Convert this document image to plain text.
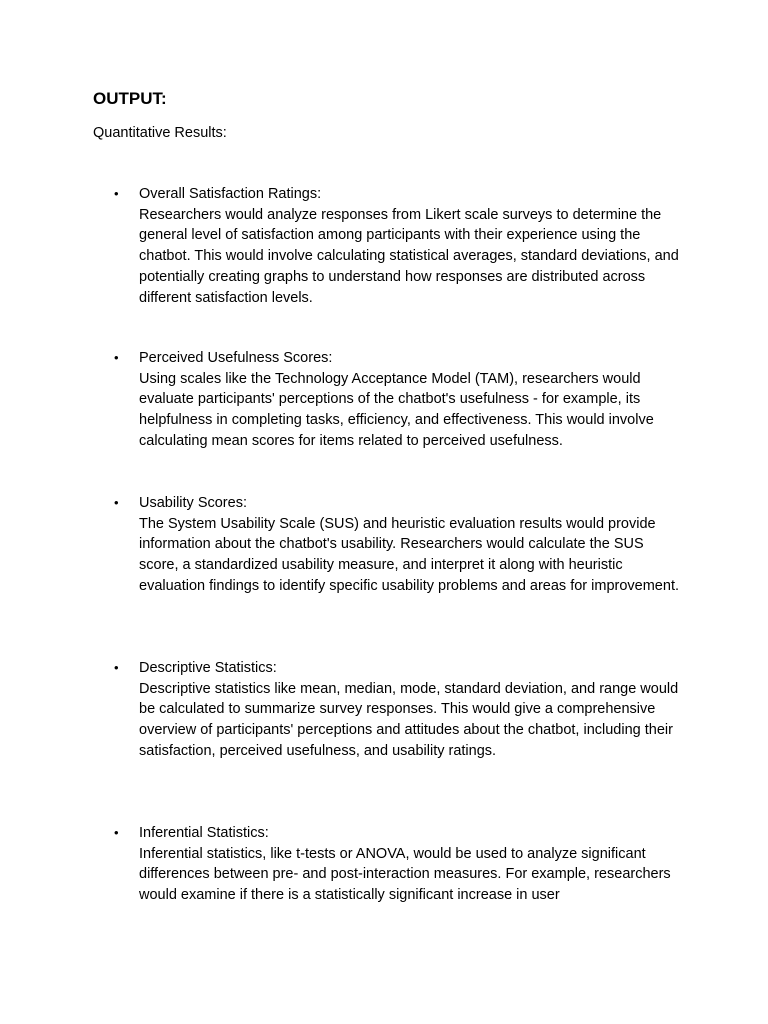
OUTPUT:

Quantitative Results:

•	Overall Satisfaction Ratings:
Researchers would analyze responses from Likert scale surveys to determine the general level of satisfaction among participants with their experience using the chatbot. This would involve calculating statistical averages, standard deviations, and potentially creating graphs to understand how responses are distributed across different satisfaction levels.
•	Perceived Usefulness Scores:
Using scales like the Technology Acceptance Model (TAM), researchers would evaluate participants' perceptions of the chatbot's usefulness - for example, its helpfulness in completing tasks, efficiency, and effectiveness. This would involve calculating mean scores for items related to perceived usefulness.
•	Usability Scores:
The System Usability Scale (SUS) and heuristic evaluation results would provide information about the chatbot's usability. Researchers would calculate the SUS score, a standardized usability measure, and interpret it along with heuristic evaluation findings to identify specific usability problems and areas for improvement.
•	Descriptive Statistics:
Descriptive statistics like mean, median, mode, standard deviation, and range would be calculated to summarize survey responses. This would give a comprehensive overview of participants' perceptions and attitudes about the chatbot, including their satisfaction, perceived usefulness, and usability ratings.
•	Inferential Statistics:
Inferential statistics, like t-tests or ANOVA, would be used to analyze significant differences between pre- and post-interaction measures. For example, researchers would examine if there is a statistically significant increase in user
